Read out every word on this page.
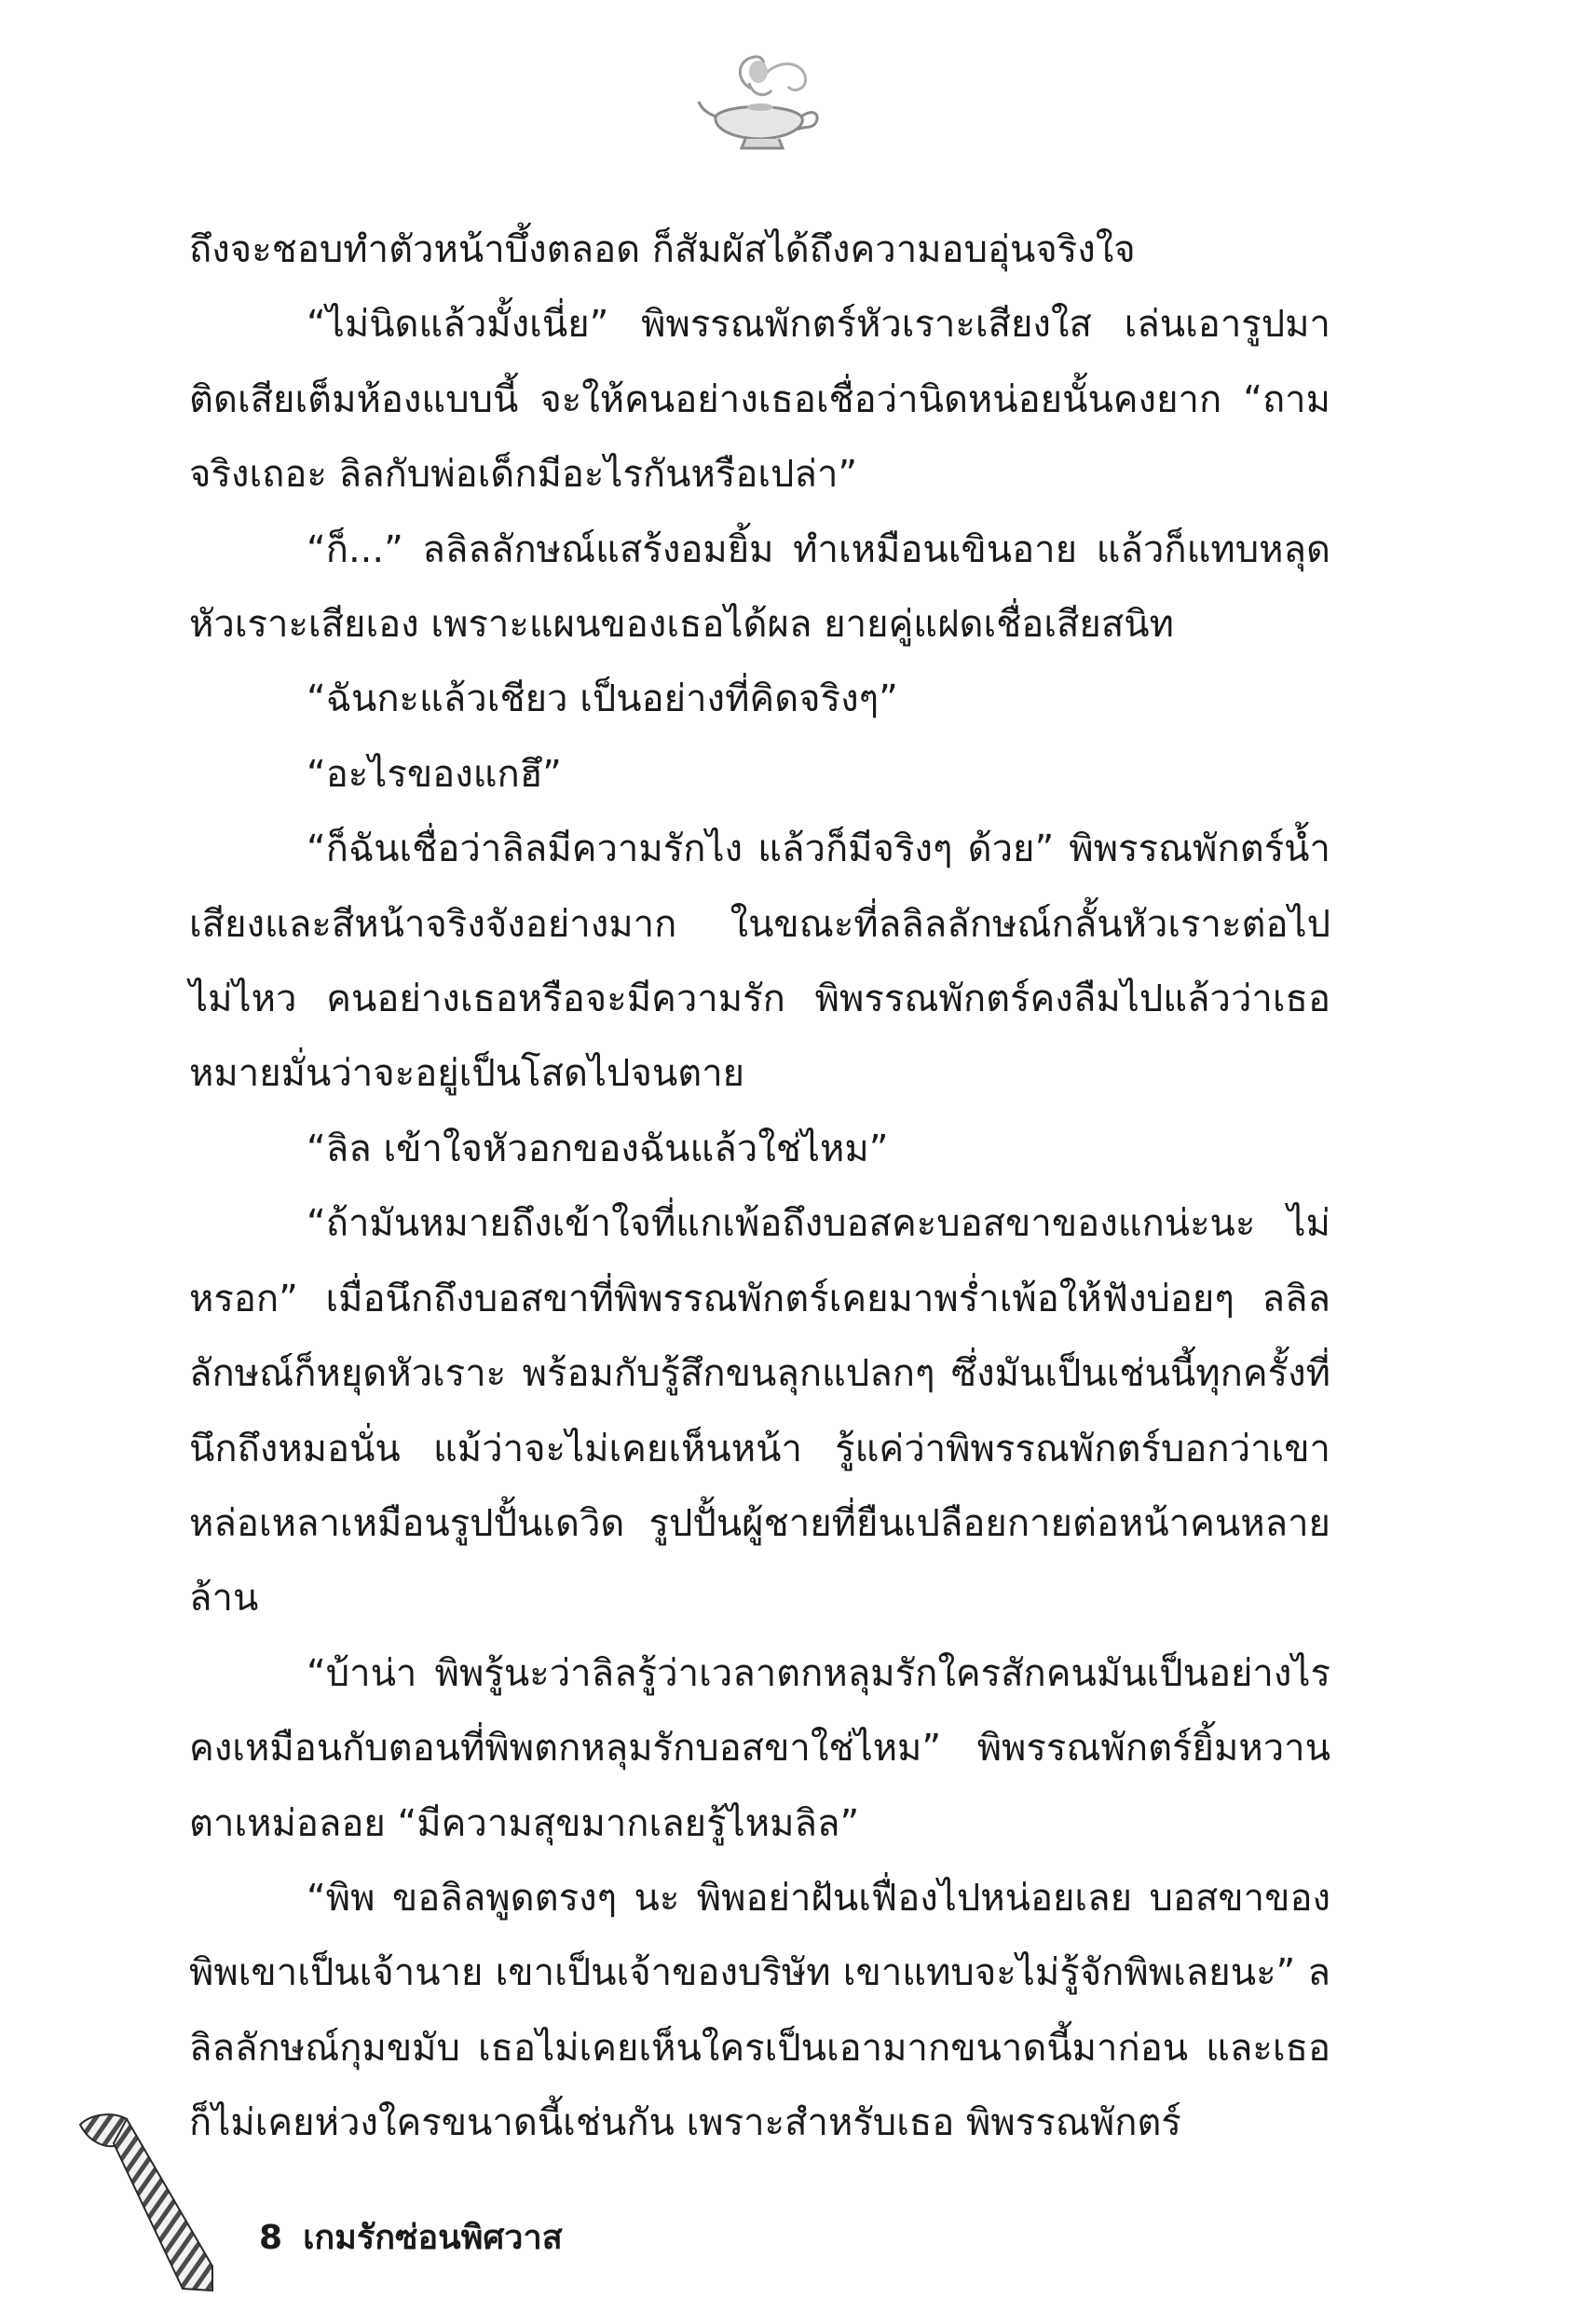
ถึงจะชอบทำตัวหน้าบึ้งตลอด ก็สัมผัสได้ถึงความอบอุ่นจริงใจ

“ไม่นิดแล้วมั้งเนี่ย” พิพรรณพักตร์หัวเราะเสียงใส เล่นเอารูปมาติดเสียเต็มห้องแบบนี้ จะให้คนอย่างเธอเชื่อว่านิดหน่อยนั้นคงยาก “ถามจริงเถอะ ลิลกับพ่อเด็กมีอะไรกันหรือเปล่า”

“ก็...” ลลิลลักษณ์แสร้งอมยิ้ม ทำเหมือนเขินอาย แล้วก็แทบหลุดหัวเราะเสียเอง เพราะแผนของเธอได้ผล ยายคู่แฝดเชื่อเสียสนิท

“ฉันกะแล้วเชียว เป็นอย่างที่คิดจริงๆ”

“อะไรของแกฮึ”

“ก็ฉันเชื่อว่าลิลมีความรักไง แล้วก็มีจริงๆ ด้วย” พิพรรณพักตร์น้ำเสียงและสีหน้าจริงจังอย่างมาก ในขณะที่ลลิลลักษณ์กลั้นหัวเราะต่อไปไม่ไหว คนอย่างเธอหรือจะมีความรัก พิพรรณพักตร์คงลืมไปแล้วว่าเธอหมายมั่นว่าจะอยู่เป็นโสดไปจนตาย

“ลิล เข้าใจหัวอกของฉันแล้วใช่ไหม”

“ถ้ามันหมายถึงเข้าใจที่แกเพ้อถึงบอสคะบอสขาของแกน่ะนะ ไม่หรอก” เมื่อนึกถึงบอสขาที่พิพรรณพักตร์เคยมาพร่ำเพ้อให้ฟังบ่อยๆ ลลิลลักษณ์ก็หยุดหัวเราะ พร้อมกับรู้สึกขนลุกแปลกๆ ซึ่งมันเป็นเช่นนี้ทุกครั้งที่นึกถึงหมอนั่น แม้ว่าจะไม่เคยเห็นหน้า รู้แค่ว่าพิพรรณพักตร์บอกว่าเขาหล่อเหลาเหมือนรูปปั้นเดวิด รูปปั้นผู้ชายที่ยืนเปลือยกายต่อหน้าคนหลายล้าน

“บ้าน่า พิพรู้นะว่าลิลรู้ว่าเวลาตกหลุมรักใครสักคนมันเป็นอย่างไร คงเหมือนกับตอนที่พิพตกหลุมรักบอสขาใช่ไหม” พิพรรณพักตร์ยิ้มหวานตาเหม่อลอย “มีความสุขมากเลยรู้ไหมลิล”

“พิพ ขอลิลพูดตรงๆ นะ พิพอย่าฝันเฟื่องไปหน่อยเลย บอสขาของพิพเขาเป็นเจ้านาย เขาเป็นเจ้าของบริษัท เขาแทบจะไม่รู้จักพิพเลยนะ” ลลิลลักษณ์กุมขมับ เธอไม่เคยเห็นใครเป็นเอามากขนาดนี้มาก่อน และเธอก็ไม่เคยห่วงใครขนาดนี้เช่นกัน เพราะสำหรับเธอ พิพรรณพักตร์

8 เกมรักซ่อนพิศวาส
